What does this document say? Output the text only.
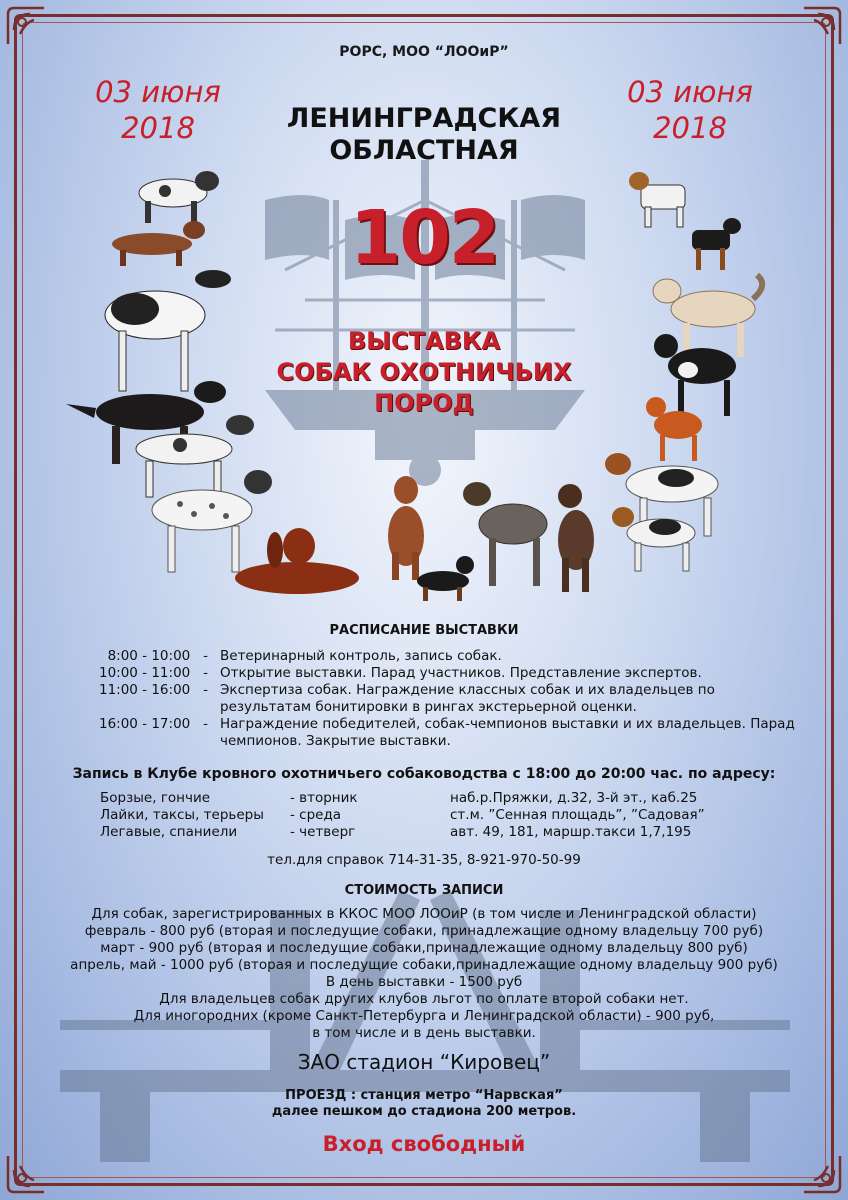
РОРС, МОО “ЛООиР”
03 июня
2018
03 июня
2018
ЛЕНИНГРАДСКАЯ
ОБЛАСТНАЯ
102
ВЫСТАВКА
СОБАК ОХОТНИЧЬИХ
ПОРОД
РАСПИСАНИЕ ВЫСТАВКИ
8:00 - 10:00   - Ветеринарный контроль, запись собак.
10:00 - 11:00   - Открытие выставки. Парад участников. Представление экспертов.
11:00 - 16:00   - Экспертиза собак. Награждение классных собак и их владельцев по результатам бонитировки в рингах экстерьерной оценки.
16:00 - 17:00   - Награждение победителей, собак-чемпионов выставки и их владельцев. Парад чемпионов. Закрытие выставки.
Запись в Клубе кровного охотничьего собаководства с 18:00 до 20:00 час. по адресу:
Борзые, гончие	- вторник	наб.р.Пряжки, д.32, 3-й эт., каб.25
Лайки, таксы, терьеры	- среда	ст.м. ”Сенная площадь”, ”Садовая”
Легавые, спаниели	- четверг	авт. 49, 181, маршр.такси 1,7,195
тел.для справок 714-31-35, 8-921-970-50-99
СТОИМОСТЬ ЗАПИСИ
Для собак, зарегистрированных в ККОС МОО ЛООиР (в том числе и Ленинградской области)
февраль - 800 руб (вторая и последущие собаки, принадлежащие одному владельцу 700 руб)
март - 900 руб (вторая и последущие собаки,принадлежащие одному владельцу 800 руб)
апрель, май - 1000 руб (вторая и последущие собаки,принадлежащие одному владельцу 900 руб)
В день выставки - 1500 руб
Для владельцев собак других клубов льгот по оплате второй собаки нет.
Для иногородних (кроме Санкт-Петербурга и Ленинградской области) - 900 руб,
в том числе и в день выставки.
ЗАО стадион “Кировец”
ПРОЕЗД : станция метро “Нарвская”
далее пешком до стадиона 200 метров.
Вход свободный
